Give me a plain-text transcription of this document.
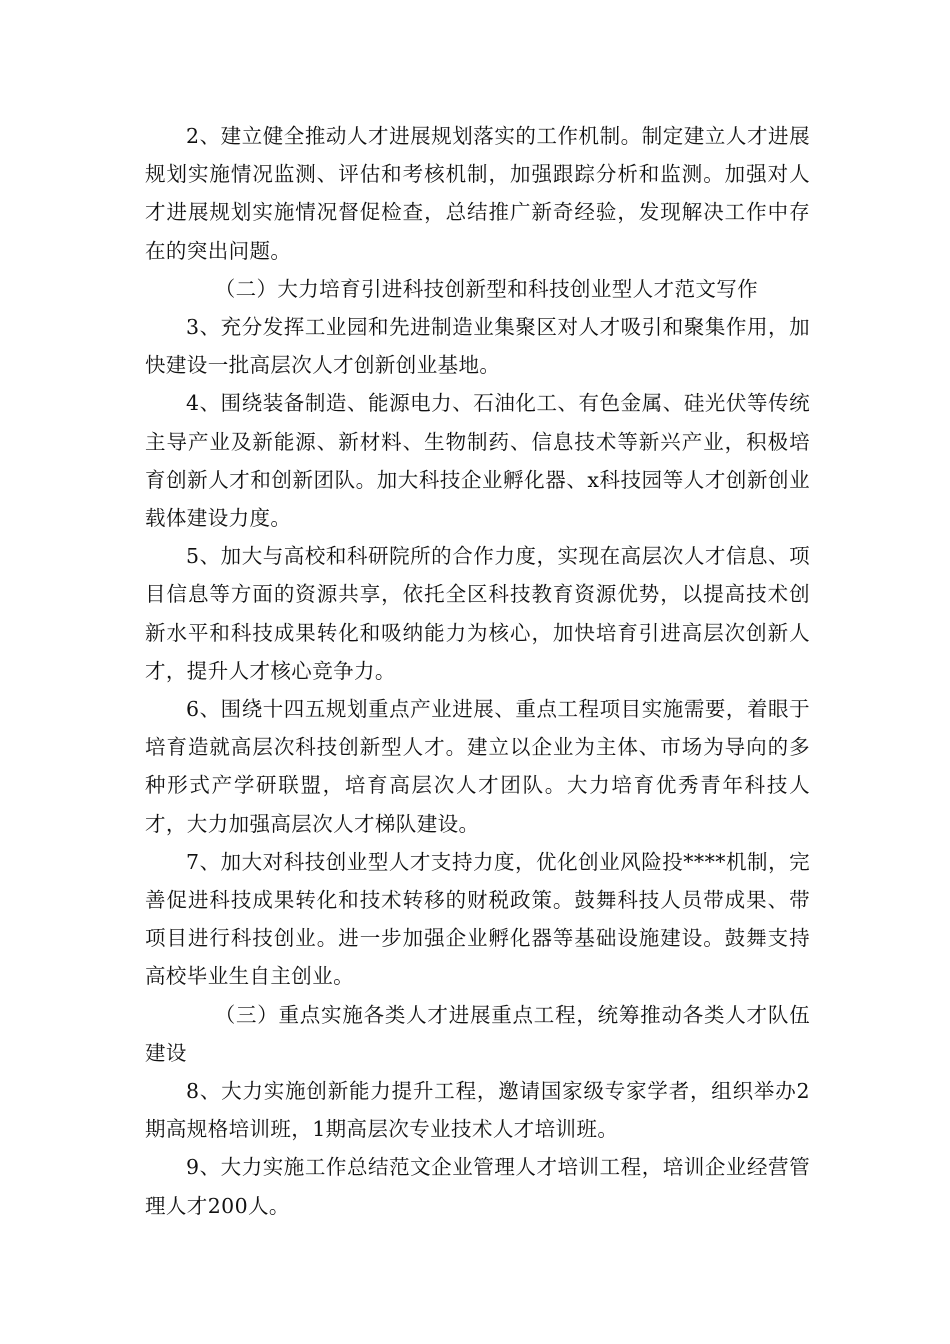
2、建立健全推动人才进展规划落实的工作机制。制定建立人才进展规划实施情况监测、评估和考核机制，加强跟踪分析和监测。加强对人才进展规划实施情况督促检查，总结推广新奇经验，发现解决工作中存在的突出问题。

（二）大力培育引进科技创新型和科技创业型人才范文写作

3、充分发挥工业园和先进制造业集聚区对人才吸引和聚集作用，加快建设一批高层次人才创新创业基地。

4、围绕装备制造、能源电力、石油化工、有色金属、硅光伏等传统主导产业及新能源、新材料、生物制药、信息技术等新兴产业，积极培育创新人才和创新团队。加大科技企业孵化器、x科技园等人才创新创业载体建设力度。

5、加大与高校和科研院所的合作力度，实现在高层次人才信息、项目信息等方面的资源共享，依托全区科技教育资源优势，以提高技术创新水平和科技成果转化和吸纳能力为核心，加快培育引进高层次创新人才，提升人才核心竞争力。

6、围绕十四五规划重点产业进展、重点工程项目实施需要，着眼于培育造就高层次科技创新型人才。建立以企业为主体、市场为导向的多种形式产学研联盟，培育高层次人才团队。大力培育优秀青年科技人才，大力加强高层次人才梯队建设。

7、加大对科技创业型人才支持力度，优化创业风险投****机制，完善促进科技成果转化和技术转移的财税政策。鼓舞科技人员带成果、带项目进行科技创业。进一步加强企业孵化器等基础设施建设。鼓舞支持高校毕业生自主创业。

（三）重点实施各类人才进展重点工程，统筹推动各类人才队伍建设

8、大力实施创新能力提升工程，邀请国家级专家学者，组织举办2期高规格培训班，1期高层次专业技术人才培训班。

9、大力实施工作总结范文企业管理人才培训工程，培训企业经营管理人才200人。
